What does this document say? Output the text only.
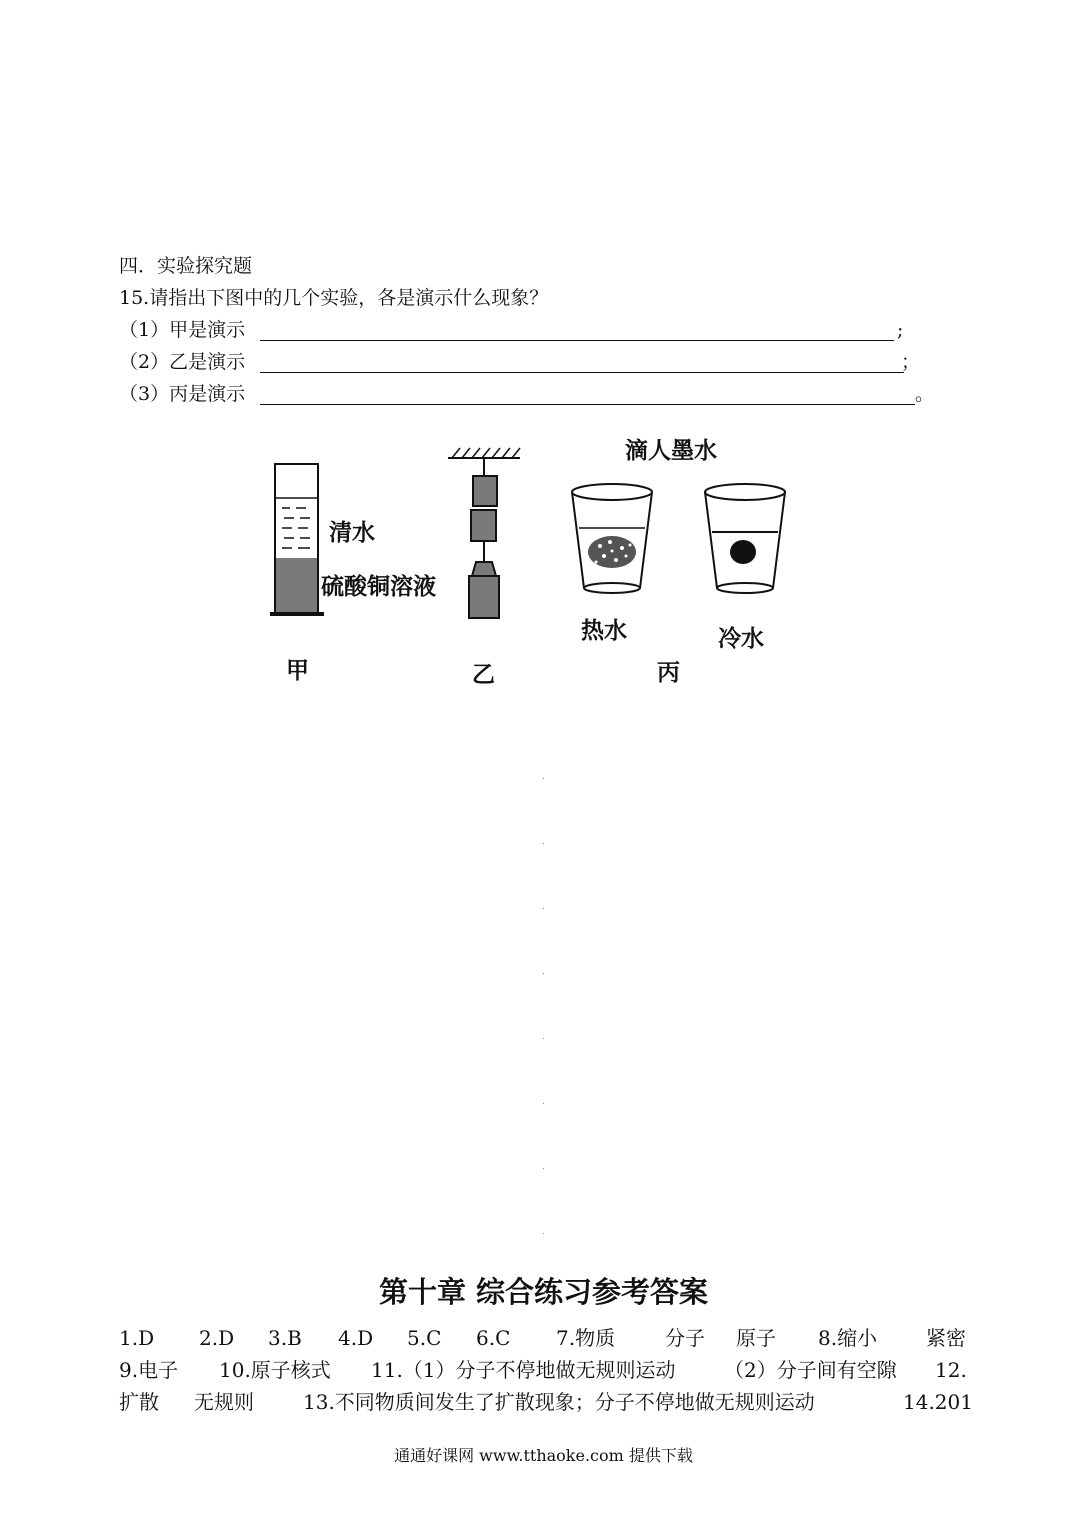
四．实验探究题
15.请指出下图中的几个实验，各是演示什么现象？
（1）甲是演示	;
（2）乙是演示	；
（3）丙是演示	。
清水
硫酸铜溶液
滴人墨水
热水	冷水
甲	乙	丙
第十章 综合练习参考答案
1.D 2.D 3.B 4.D 5.C 6.C 7.物质 分子 原子 8.缩小 紧密
9.电子 10.原子核式 11.（1）分子不停地做无规则运动 （2）分子间有空隙 12.
扩散 无规则 13.不同物质间发生了扩散现象；分子不停地做无规则运动	14.201
通通好课网 www.tthaoke.com 提供下载
